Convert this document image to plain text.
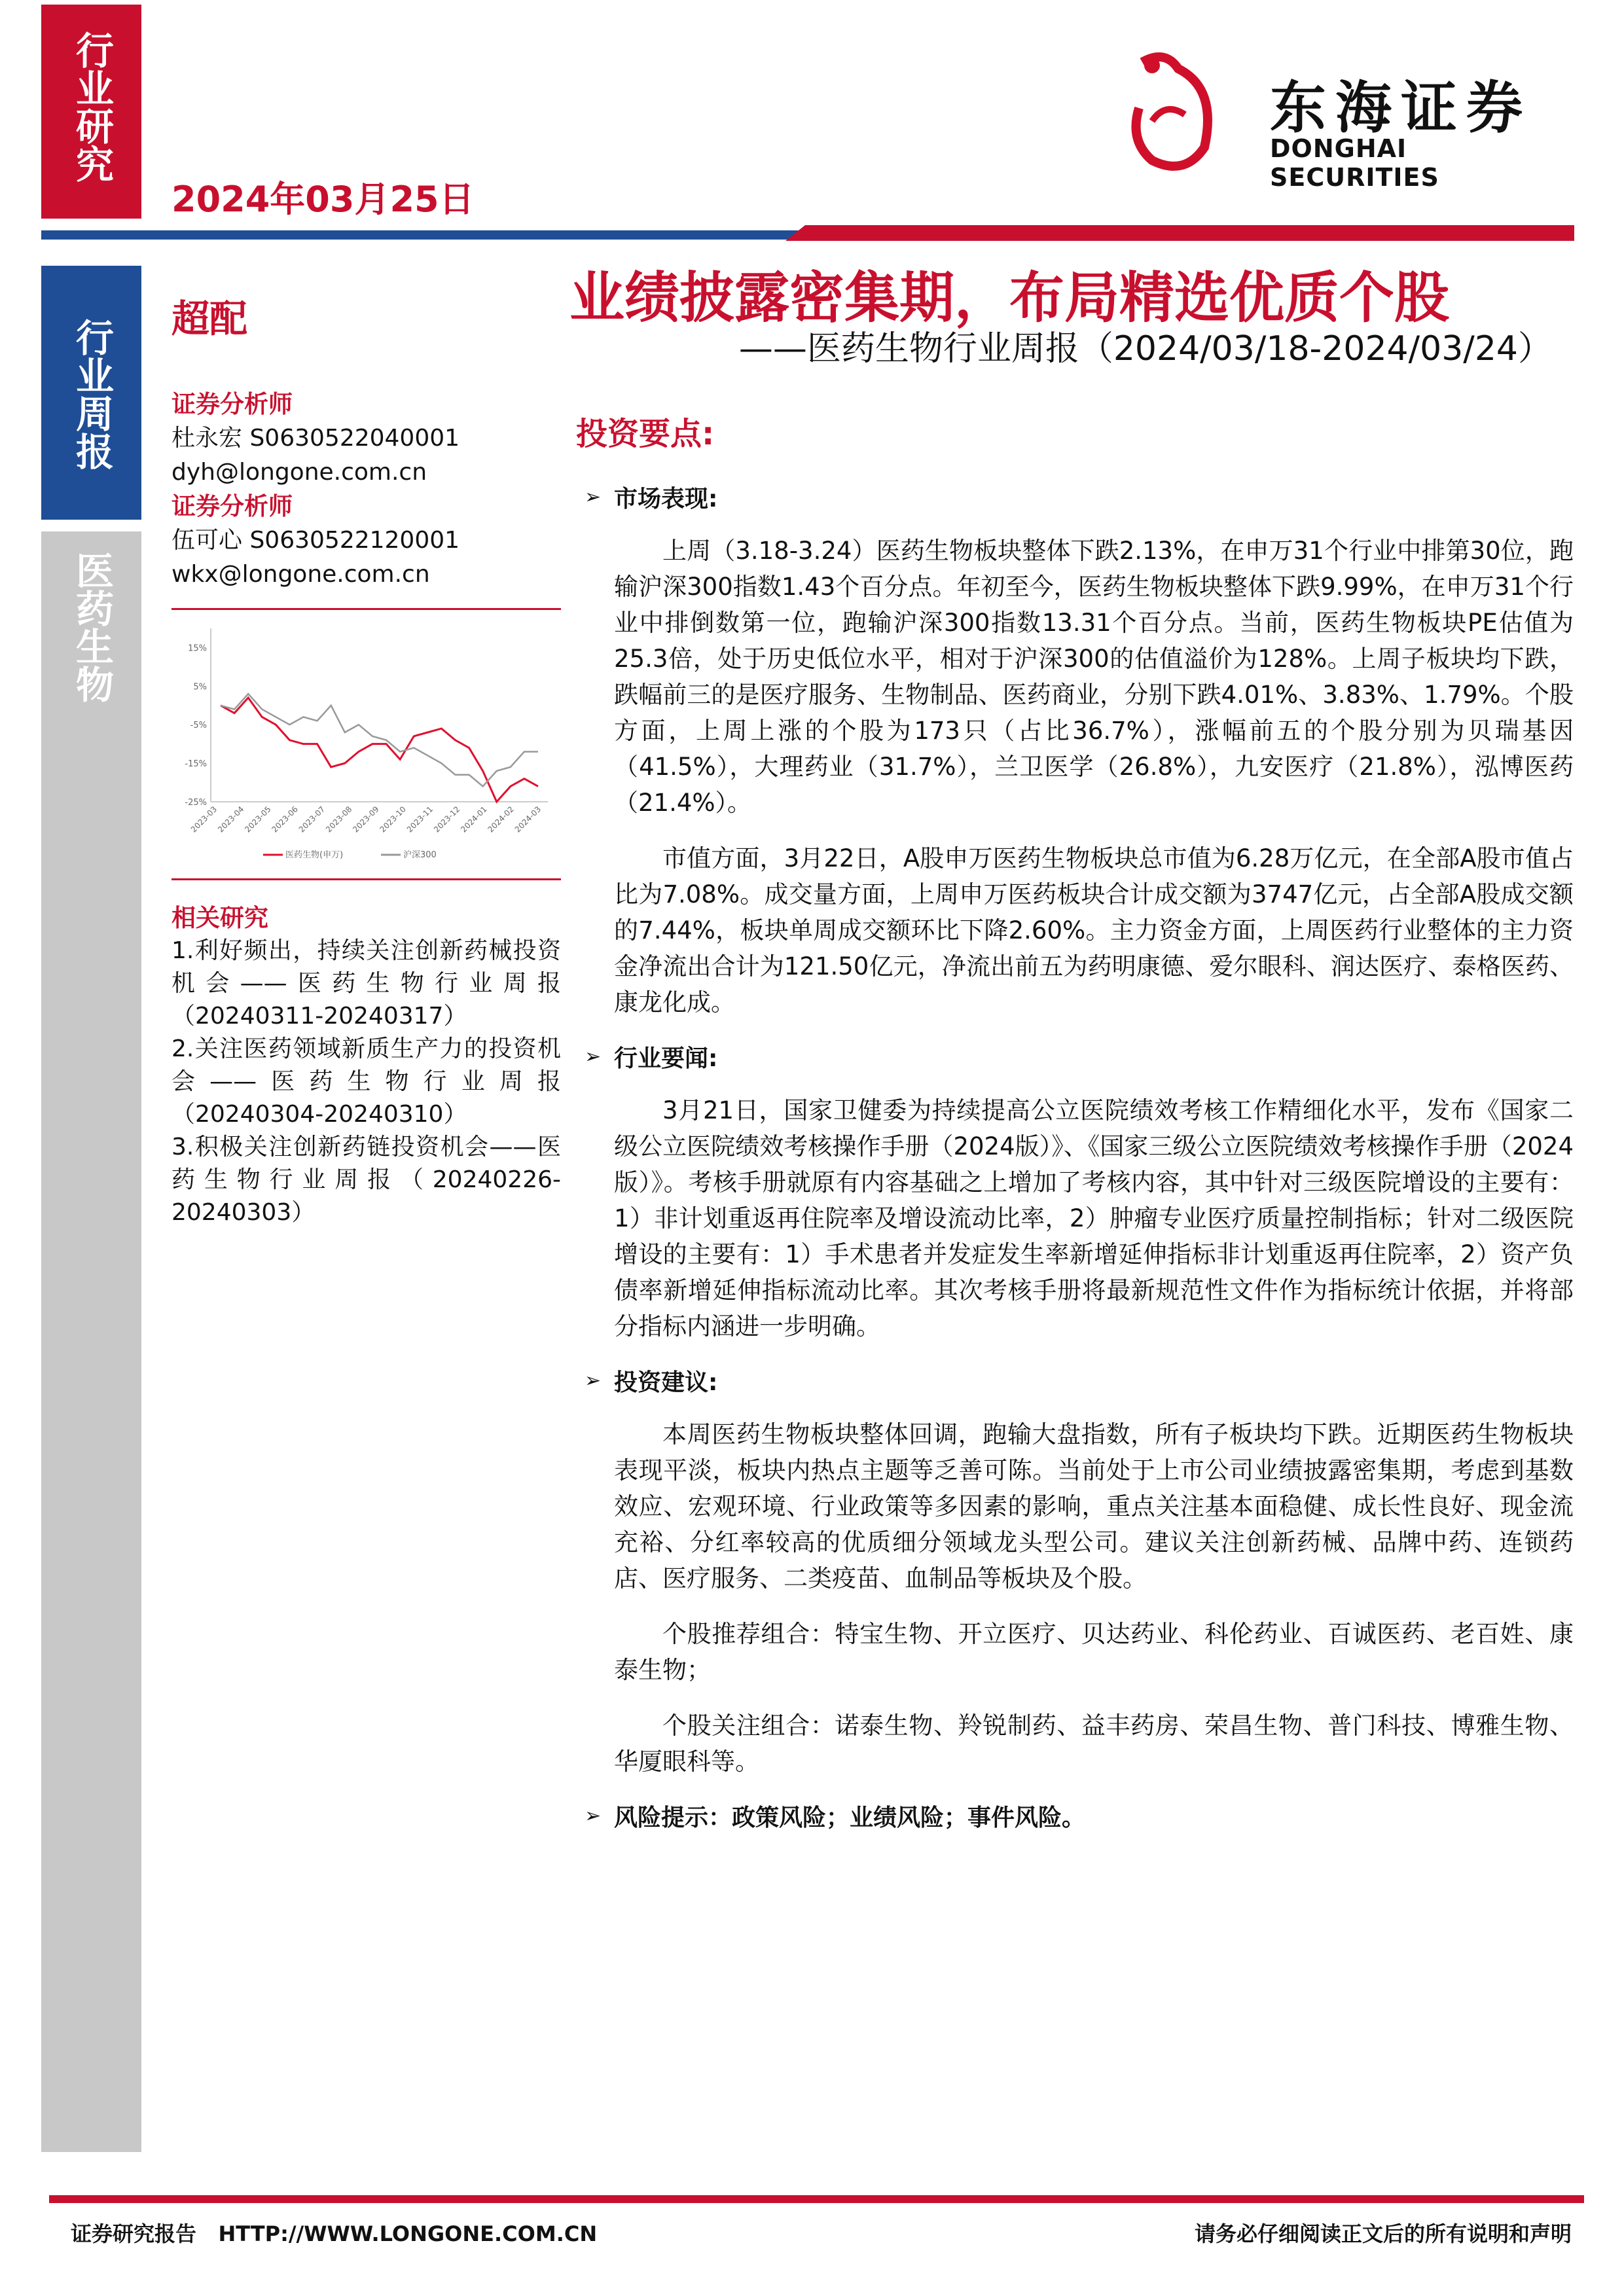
行业研究
行业周报
医药生物
2024年03月25日
东海证券
DONGHAI SECURITIES
超配
证券分析师
杜永宏 S0630522040001
dyh@longone.com.cn
证券分析师
伍可心 S0630522120001
wkx@longone.com.cn
15%
5%
-5%
-15%
-25%
2023-03
2023-04
2023-05
2023-06
2023-07
2023-08
2023-09
2023-10
2023-11
2023-12
2024-01
2024-02
2024-03
医药生物(申万)	沪深300
相关研究
1.利好频出，持续关注创新药械投资机会——医药生物行业周报（20240311-20240317）
2.关注医药领域新质生产力的投资机会——医药生物行业周报（20240304-20240310）
3.积极关注创新药链投资机会——医药生物行业周报（20240226-20240303）
业绩披露密集期，布局精选优质个股
——医药生物行业周报（2024/03/18-2024/03/24）
投资要点:
➢ 市场表现:

上周（3.18-3.24）医药生物板块整体下跌2.13%，在申万31个行业中排第30位，跑输沪深300指数1.43个百分点。年初至今，医药生物板块整体下跌9.99%，在申万31个行业中排倒数第一位，跑输沪深300指数13.31个百分点。当前，医药生物板块PE估值为25.3倍，处于历史低位水平，相对于沪深300的估值溢价为128%。上周子板块均下跌，跌幅前三的是医疗服务、生物制品、医药商业，分别下跌4.01%、3.83%、1.79%。个股方面，上周上涨的个股为173只（占比36.7%），涨幅前五的个股分别为贝瑞基因（41.5%），大理药业（31.7%），兰卫医学（26.8%），九安医疗（21.8%），泓博医药（21.4%）。

市值方面，3月22日，A股申万医药生物板块总市值为6.28万亿元，在全部A股市值占比为7.08%。成交量方面，上周申万医药板块合计成交额为3747亿元，占全部A股成交额的7.44%，板块单周成交额环比下降2.60%。主力资金方面，上周医药行业整体的主力资金净流出合计为121.50亿元，净流出前五为药明康德、爱尔眼科、润达医疗、泰格医药、康龙化成。

➢ 行业要闻:

3月21日，国家卫健委为持续提高公立医院绩效考核工作精细化水平，发布《国家二级公立医院绩效考核操作手册（2024版）》、《国家三级公立医院绩效考核操作手册（2024版）》。考核手册就原有内容基础之上增加了考核内容，其中针对三级医院增设的主要有：1）非计划重返再住院率及增设流动比率，2）肿瘤专业医疗质量控制指标；针对二级医院增设的主要有：1）手术患者并发症发生率新增延伸指标非计划重返再住院率，2）资产负债率新增延伸指标流动比率。其次考核手册将最新规范性文件作为指标统计依据，并将部分指标内涵进一步明确。

➢ 投资建议:

本周医药生物板块整体回调，跑输大盘指数，所有子板块均下跌。近期医药生物板块表现平淡，板块内热点主题等乏善可陈。当前处于上市公司业绩披露密集期，考虑到基数效应、宏观环境、行业政策等多因素的影响，重点关注基本面稳健、成长性良好、现金流充裕、分红率较高的优质细分领域龙头型公司。建议关注创新药械、品牌中药、连锁药店、医疗服务、二类疫苗、血制品等板块及个股。

个股推荐组合：特宝生物、开立医疗、贝达药业、科伦药业、百诚医药、老百姓、康泰生物；

个股关注组合：诺泰生物、羚锐制药、益丰药房、荣昌生物、普门科技、博雅生物、华厦眼科等。

➢ 风险提示：政策风险；业绩风险；事件风险。
证券研究报告 HTTP://WWW.LONGONE.COM.CN	请务必仔细阅读正文后的所有说明和声明
